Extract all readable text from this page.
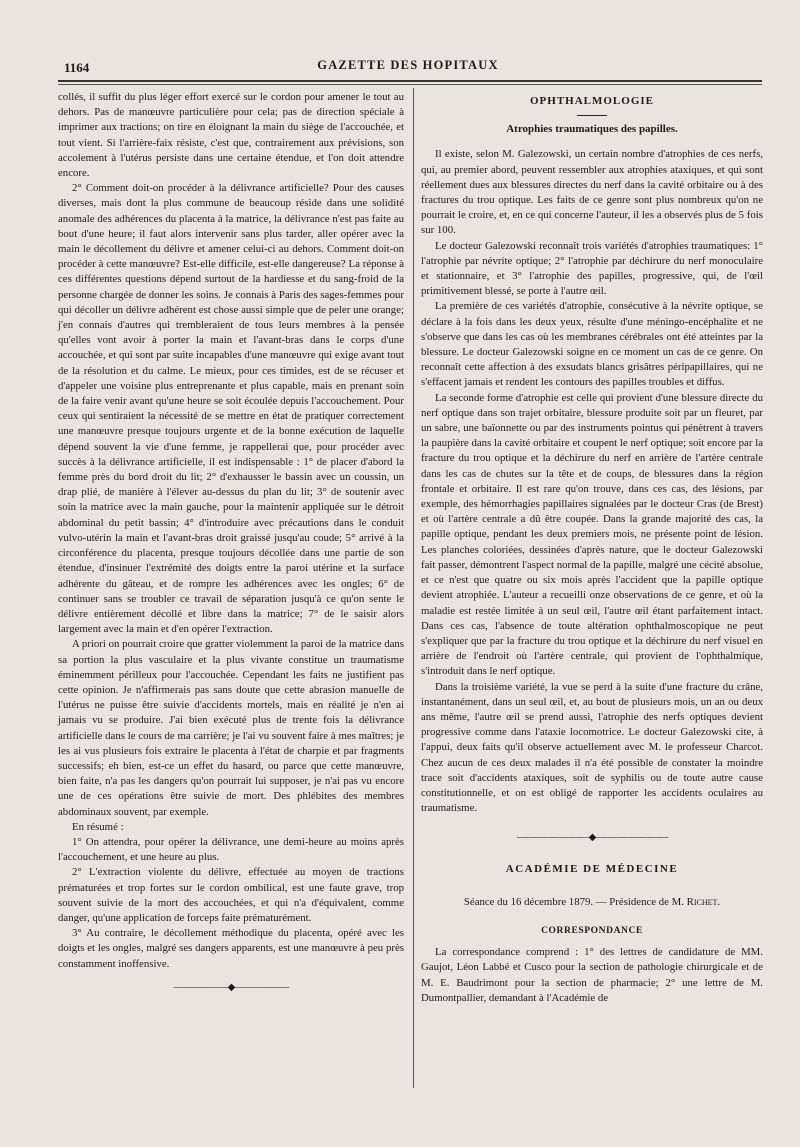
1164	GAZETTE DES HOPITAUX

collés, il suffit du plus léger effort exercé sur le cordon pour amener le tout au dehors. Pas de manœuvre particulière pour cela; pas de direction spéciale à imprimer aux tractions; on tire en éloignant la main du siège de l'accouchée, et tout vient. Si l'arrière-faix résiste, c'est que, contrairement aux prévisions, son accolement à l'utérus persiste dans une certaine étendue, et l'on doit attendre encore.

2° Comment doit-on procéder à la délivrance artificielle? Pour des causes diverses, mais dont la plus commune de beaucoup réside dans une solidité anomale des adhérences du placenta à la matrice, la délivrance n'est pas faite au bout d'une heure; il faut alors intervenir sans plus tarder, aller opérer avec la main le décollement du délivre et amener celui-ci au dehors. Comment doit-on procéder à cette manœuvre? Est-elle difficile, est-elle dangereuse? La réponse à ces différentes questions dépend surtout de la hardiesse et du sang-froid de la personne chargée de donner les soins. Je connais à Paris des sages-femmes pour qui décoller un délivre adhérent est chose aussi simple que de peler une orange; j'en connais d'autres qui trembleraient de tous leurs membres à la pensée qu'elles vont avoir à porter la main et l'avant-bras dans le corps d'une accouchée, et qui sont par suite incapables d'une manœuvre qui exige avant tout de la résolution et du calme. Le mieux, pour ces timides, est de se récuser et d'appeler une voisine plus entreprenante et plus capable, mais en prenant soin de la faire venir avant qu'une heure se soit écoulée depuis l'accouchement. Pour ceux qui sentiraient la nécessité de se mettre en état de pratiquer correctement une manœuvre presque toujours urgente et de la bonne exécution de laquelle dépend souvent la vie d'une femme, je rappellerai que, pour procéder avec succès à la délivrance artificielle, il est indispensable : 1° de placer d'abord la femme près du bord droit du lit; 2° d'exhausser le bassin avec un coussin, un drap plié, de manière à l'élever au-dessus du plan du lit; 3° de soutenir avec soin la matrice avec la main gauche, pour la maintenir appliquée sur le détroit abdominal du petit bassin; 4° d'introduire avec précautions dans le conduit vulvo-utérin la main et l'avant-bras droit graissé jusqu'au coude; 5° arrivé à la circonférence du placenta, presque toujours décollée dans une partie de son étendue, d'insinuer l'extrémité des doigts entre la paroi utérine et la surface adhérente du gâteau, et de rompre les adhérences avec les ongles; 6° de continuer sans se troubler ce travail de séparation jusqu'à ce qu'on sente le délivre entièrement décollé et libre dans la matrice; 7° de le saisir alors largement avec la main et d'en opérer l'extraction.

A priori on pourrait croire que gratter violemment la paroi de la matrice dans sa portion la plus vasculaire et la plus vivante constitue un traumatisme éminemment périlleux pour l'accouchée. Cependant les faits ne justifient pas cette opinion. Je n'affirmerais pas sans doute que cette abrasion manuelle de l'utérus ne puisse être suivie d'accidents mortels, mais en réalité je n'en ai jamais vu se produire. J'ai bien exécuté plus de trente fois la délivrance artificielle dans le cours de ma carrière; je l'ai vu souvent faire à mes maîtres; je les ai vus plusieurs fois extraire le placenta à l'état de charpie et par fragments successifs; eh bien, est-ce un effet du hasard, ou parce que cette manœuvre, bien faite, n'a pas les dangers qu'on pourrait lui supposer, je n'ai pas vu encore une de ces opérations être suivie de mort. Des phlébites des membres abdominaux souvent, par exemple.

En résumé :

1° On attendra, pour opérer la délivrance, une demi-heure au moins après l'accouchement, et une heure au plus.

2° L'extraction violente du délivre, effectuée au moyen de tractions prématurées et trop fortes sur le cordon ombilical, est une faute grave, trop souvent suivie de la mort des accouchées, et qui n'a d'équivalent, comme danger, qu'une application de forceps faite prématurément.

3° Au contraire, le décollement méthodique du placenta, opéré avec les doigts et les ongles, malgré ses dangers apparents, est une manœuvre à peu près constamment inoffensive.

——————◆——————
OPHTHALMOLOGIE
Atrophies traumatiques des papilles.

Il existe, selon M. Galezowski, un certain nombre d'atrophies de ces nerfs, qui, au premier abord, peuvent ressembler aux atrophies ataxiques, et qui sont réellement dues aux blessures directes du nerf dans la cavité orbitaire ou à des fractures du trou optique. Les faits de ce genre sont plus nombreux qu'on ne pourrait le croire, et, en ce qui concerne l'auteur, il les a observés plus de 5 fois sur 100.

Le docteur Galezowski reconnaît trois variétés d'atrophies traumatiques: 1° l'atrophie par névrite optique; 2° l'atrophie par déchirure du nerf monoculaire et stationnaire, et 3° l'atrophie des papilles, progressive, qui, de l'œil primitivement blessé, se porte à l'autre œil.

La première de ces variétés d'atrophie, consécutive à la névrite optique, se déclare à la fois dans les deux yeux, résulte d'une méningo-encéphalite et ne s'observe que dans les cas où les membranes cérébrales ont été atteintes par la blessure. Le docteur Galezowski soigne en ce moment un cas de ce genre. On reconnaît cette affection à des exsudats blancs grisâtres péripapillaires, qui ne s'effacent jamais et rendent les contours des papilles troubles et diffus.

La seconde forme d'atrophie est celle qui provient d'une blessure directe du nerf optique dans son trajet orbitaire, blessure produite soit par un fleuret, par un sabre, une baïonnette ou par des instruments pointus qui pénètrent à travers la paupière dans la cavité orbitaire et coupent le nerf optique; soit encore par la fracture du trou optique et la déchirure du nerf en arrière de l'artère centrale dans les cas de chutes sur la tête et de coups, de blessures dans la région frontale et orbitaire. Il est rare qu'on trouve, dans ces cas, des lésions, par exemple, des hémorrhagies papillaires signalées par le docteur Cras (de Brest) et où l'artère centrale a dû être coupée. Dans la grande majorité des cas, la papille optique, pendant les deux premiers mois, ne présente point de lésion. Les planches coloriées, dessinées d'après nature, que le docteur Galezowski fait passer, démontrent l'aspect normal de la papille, malgré une cécité absolue, et ce n'est que quatre ou six mois après l'accident que la papille optique devient atrophiée. L'auteur a recueilli onze observations de ce genre, et où la maladie est restée limitée à un seul œil, l'autre œil étant parfaitement intact. Dans ces cas, l'absence de toute altération ophthalmoscopique ne peut s'expliquer que par la fracture du trou optique et la déchirure du nerf visuel en arrière de l'endroit où l'artère centrale, qui provient de l'ophthalmique, s'introduit dans le nerf optique.

Dans la troisième variété, la vue se perd à la suite d'une fracture du crâne, instantanément, dans un seul œil, et, au bout de plusieurs mois, un an ou deux ans même, l'autre œil se prend aussi, l'atrophie des nerfs optiques devient progressive comme dans l'ataxie locomotrice. Le docteur Galezowski cite, à l'appui, deux faits qu'il observe actuellement avec M. le professeur Charcot. Chez aucun de ces deux malades il n'a été possible de constater la moindre trace soit d'accidents ataxiques, soit de syphilis ou de toute autre cause constitutionnelle, et on est obligé de rapporter les accidents oculaires au traumatisme.

————————◆————————
ACADÉMIE DE MÉDECINE
Séance du 16 décembre 1879. — Présidence de M. Richet.
CORRESPONDANCE

La correspondance comprend : 1° des lettres de candidature de MM. Gaujot, Léon Labbé et Cusco pour la section de pathologie chirurgicale et de M. E. Baudrimont pour la section de pharmacie; 2° une lettre de M. Dumontpallier, demandant à l'Académie de
